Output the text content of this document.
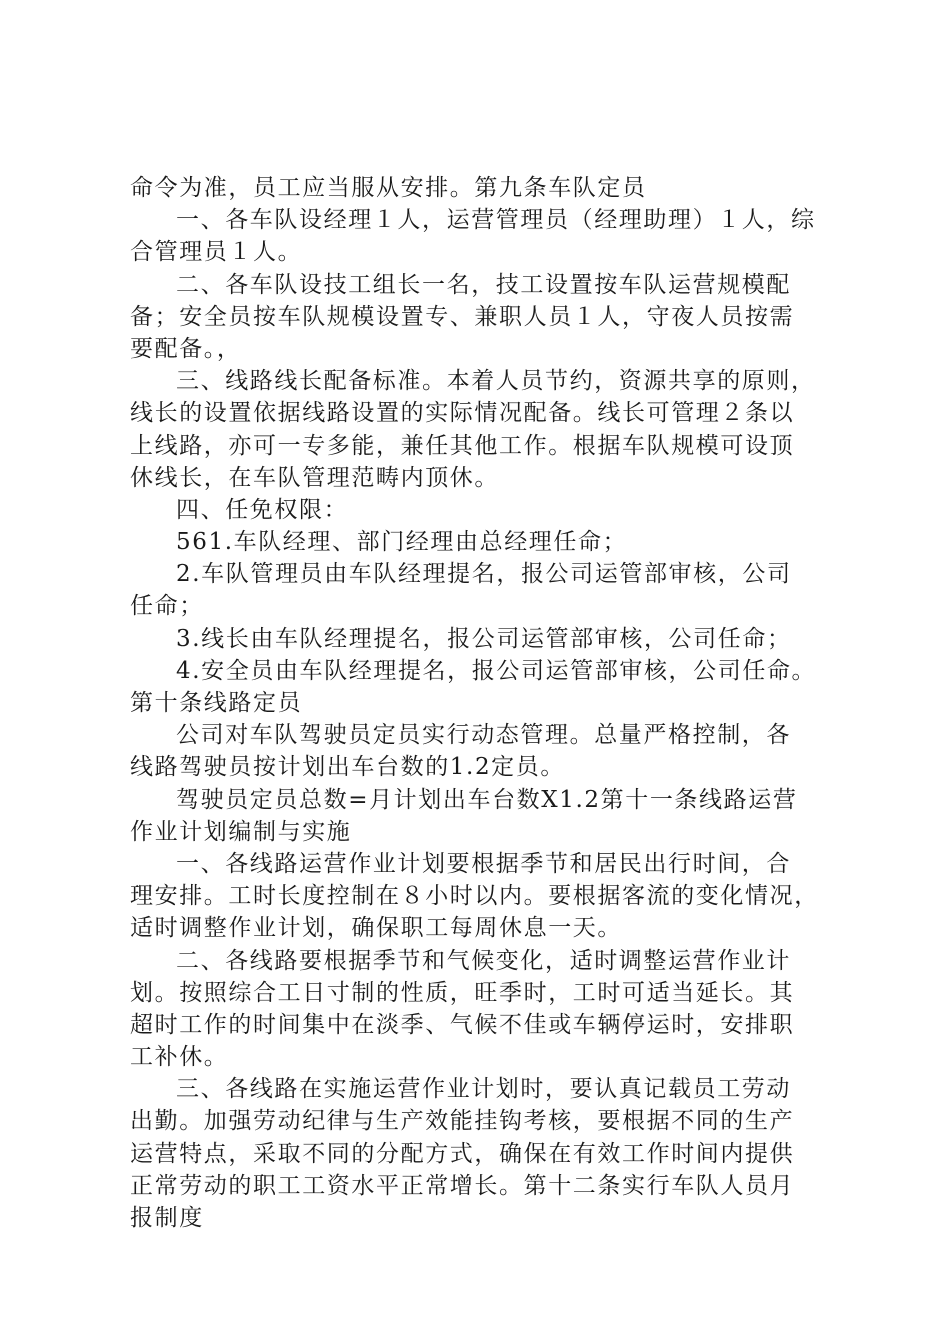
命令为准，员工应当服从安排。第九条车队定员
一、各车队设经理１人，运营管理员（经理助理）１人，综
合管理员１人。
二、各车队设技工组长一名，技工设置按车队运营规模配
备；安全员按车队规模设置专、兼职人员１人，守夜人员按需
要配备。，
三、线路线长配备标准。本着人员节约，资源共享的原则，
线长的设置依据线路设置的实际情况配备。线长可管理２条以
上线路，亦可一专多能，兼任其他工作。根据车队规模可设顶
休线长，在车队管理范畴内顶休。
四、任免权限：
561.车队经理、部门经理由总经理任命；
2.车队管理员由车队经理提名，报公司运管部审核，公司
任命；
3.线长由车队经理提名，报公司运管部审核，公司任命；
4.安全员由车队经理提名，报公司运管部审核，公司任命。
第十条线路定员
公司对车队驾驶员定员实行动态管理。总量严格控制，各
线路驾驶员按计划出车台数的1.2定员。
驾驶员定员总数=月计划出车台数X1.2第十一条线路运营
作业计划编制与实施
一、各线路运营作业计划要根据季节和居民出行时间，合
理安排。工时长度控制在８小时以内。要根据客流的变化情况，
适时调整作业计划，确保职工每周休息一天。
二、各线路要根据季节和气候变化，适时调整运营作业计
划。按照综合工日寸制的性质，旺季时，工时可适当延长。其
超时工作的时间集中在淡季、气候不佳或车辆停运时，安排职
工补休。
三、各线路在实施运营作业计划时，要认真记载员工劳动
出勤。加强劳动纪律与生产效能挂钩考核，要根据不同的生产
运营特点，采取不同的分配方式，确保在有效工作时间内提供
正常劳动的职工工资水平正常增长。第十二条实行车队人员月
报制度
